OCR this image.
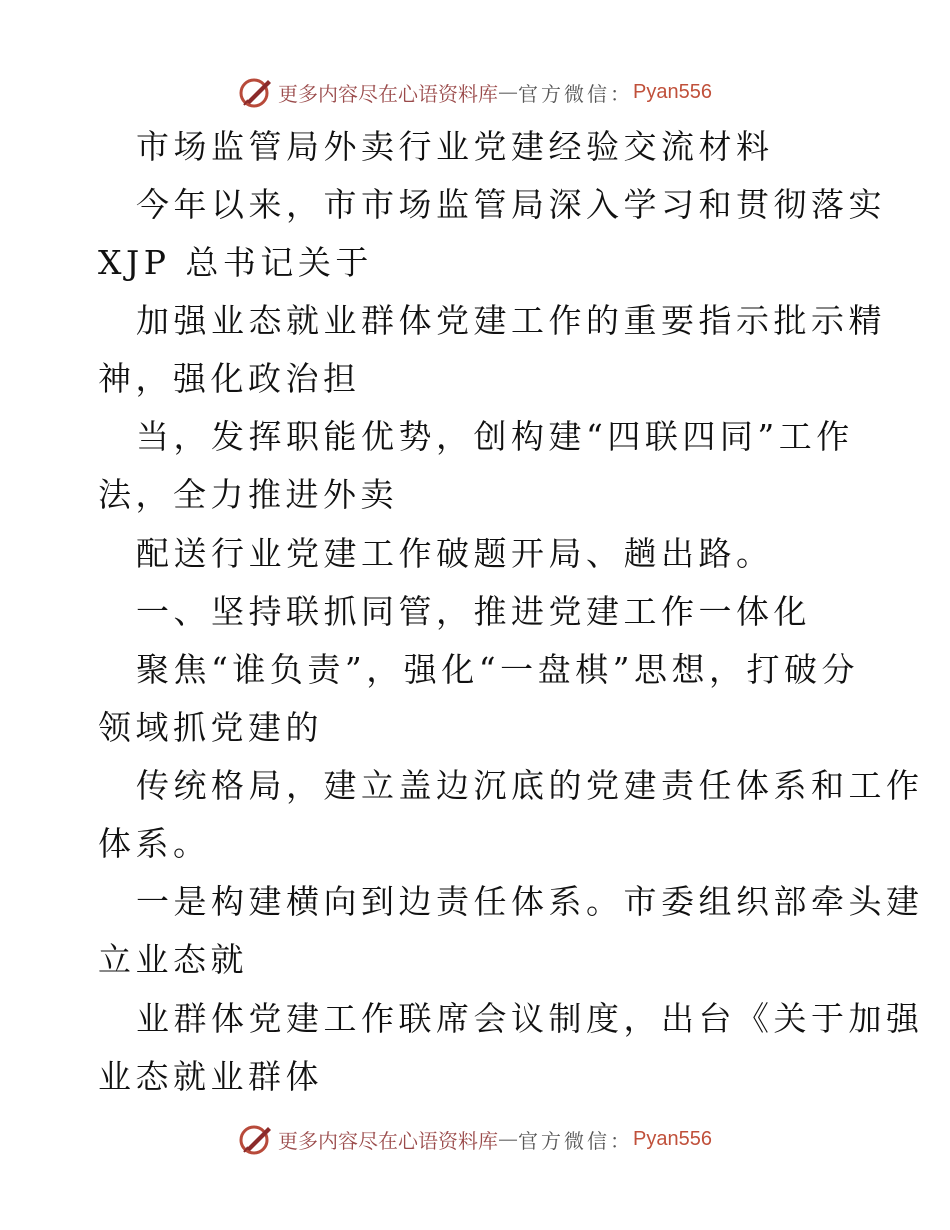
更多内容尽在心语资料库 — 官方微信： Pyan556
市场监管局外卖行业党建经验交流材料
今年以来，市市场监管局深入学习和贯彻落实
XJP 总书记关于
加强业态就业群体党建工作的重要指示批示精
神，强化政治担
当，发挥职能优势，创构建“四联四同”工作
法，全力推进外卖
配送行业党建工作破题开局、趟出路。
一、坚持联抓同管，推进党建工作一体化
聚焦“谁负责”，强化“一盘棋”思想，打破分
领域抓党建的
传统格局，建立盖边沉底的党建责任体系和工作
体系。
一是构建横向到边责任体系。市委组织部牵头建
立业态就
业群体党建工作联席会议制度，出台《关于加强
业态就业群体
更多内容尽在心语资料库 — 官方微信： Pyan556
